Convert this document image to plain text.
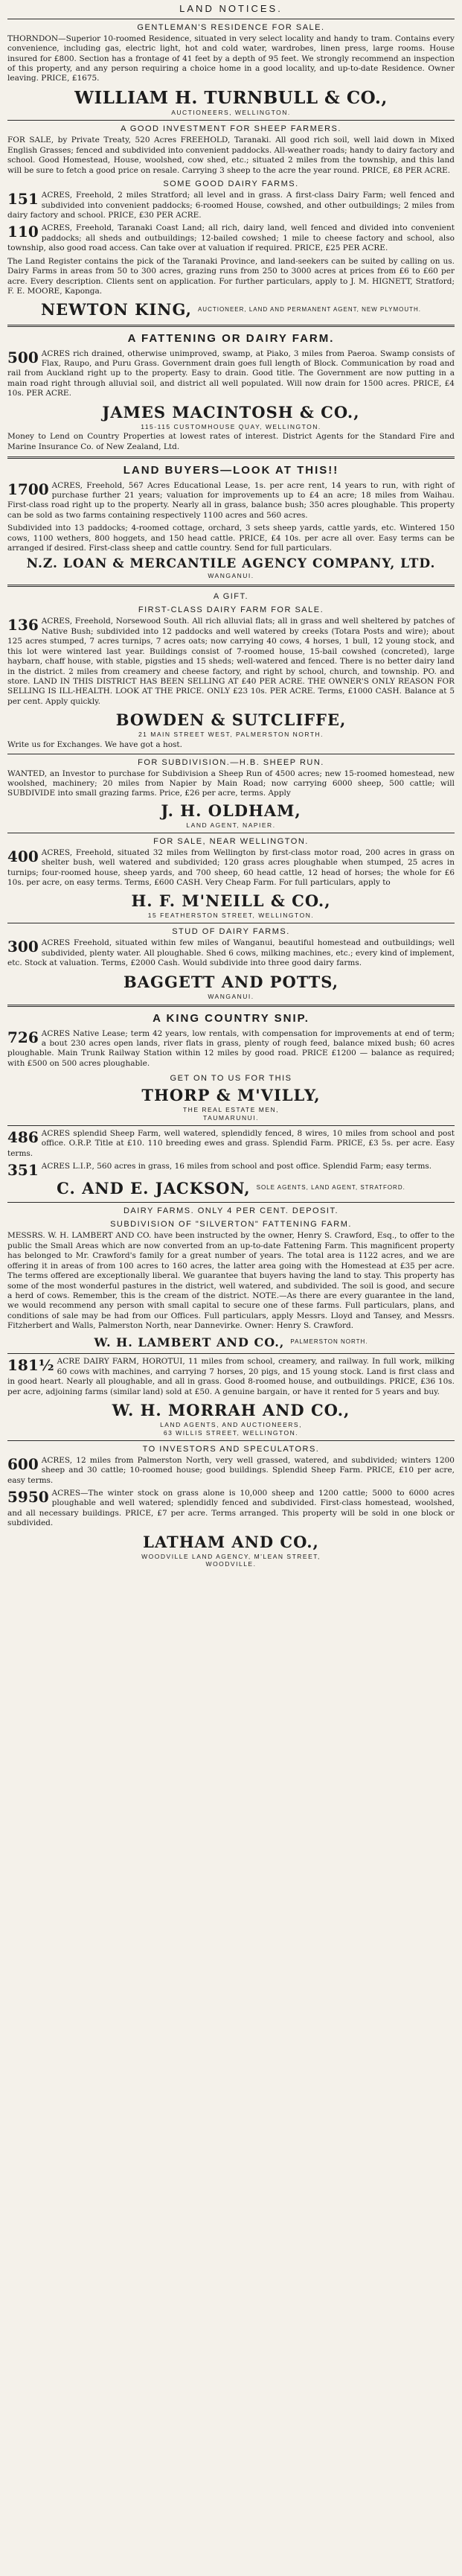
LAND NOTICES.
GENTLEMAN'S RESIDENCE FOR SALE.
THORNDON—Superior 10-roomed Residence, situated in very select locality and handy to tram. Contains every convenience, including gas, electric light, hot and cold water, wardrobes, linen press, large rooms. House insured for £800. Section has a frontage of 41 feet by a depth of 95 feet. We strongly recommend an inspection of this property, and any person requiring a choice home in a good locality, and up-to-date Residence. Owner leaving. PRICE, £1675.
WILLIAM H. TURNBULL & CO.,
AUCTIONEERS, WELLINGTON.
A GOOD INVESTMENT FOR SHEEP FARMERS.
FOR SALE, by Private Treaty, 520 Acres FREEHOLD, Taranaki. All good rich soil, well laid down in Mixed English Grasses; fenced and subdivided into convenient paddocks. All-weather roads; handy to dairy factory and school. Good Homestead, House, woolshed, cow shed, etc.; situated 2 miles from the township, and this land will be sure to fetch a good price on resale. Carrying 3 sheep to the acre the year round. PRICE, £8 PER ACRE.
SOME GOOD DAIRY FARMS.
151 ACRES, Freehold, 2 miles Stratford; all level and in grass. A first-class Dairy Farm; well fenced and subdivided into convenient paddocks; 6-roomed House, cowshed, and other outbuildings; 2 miles from dairy factory and school. PRICE, £30 PER ACRE.
110 ACRES, Freehold, Taranaki Coast Land; all rich, dairy land, well fenced and divided into convenient paddocks; all sheds and outbuildings; 12-bailed cowshed; 1 mile to cheese factory and school, also township, also good road access. Can take over at valuation if required. PRICE, £25 PER ACRE.
The Land Register contains the pick of the Taranaki Province, and land-seekers can be suited by calling on us. Dairy Farms in areas from 50 to 300 acres, grazing runs from 250 to 3000 acres at prices from £6 to £60 per acre. Every description. Clients sent on application. For further particulars, apply to J. M. HIGNETT, Stratford; F. E. MOORE, Kaponga.
NEWTON KING, AUCTIONEER, LAND AND PERMANENT AGENT, NEW PLYMOUTH.
A FATTENING OR DAIRY FARM.
500 ACRES rich drained, otherwise unimproved, swamp, at Piako, 3 miles from Paeroa. Swamp consists of Flax, Raupo, and Puru Grass. Government drain goes full length of Block. Communication by road and rail from Auckland right up to the property. Easy to drain. Good title. The Government are now putting in a main road right through alluvial soil, and district all well populated. Will now drain for 1500 acres. PRICE, £4 10s. PER ACRE.
JAMES MACINTOSH & CO.,
115-115 CUSTOMHOUSE QUAY, WELLINGTON.
Money to Lend on Country Properties at lowest rates of interest. District Agents for the Standard Fire and Marine Insurance Co. of New Zealand, Ltd.
LAND BUYERS—LOOK AT THIS!!
1700 ACRES, Freehold, 567 Acres Educational Lease, 1s. per acre rent, 14 years to run, with right of purchase further 21 years; valuation for improvements up to £4 an acre; 18 miles from Waihau. First-class road right up to the property. Nearly all in grass, balance bush; 350 acres ploughable. This property can be sold as two farms containing respectively 1100 acres and 560 acres.
Subdivided into 13 paddocks; 4-roomed cottage, orchard, 3 sets sheep yards, cattle yards, etc. Wintered 150 cows, 1100 wethers, 800 hoggets, and 150 head cattle. PRICE, £4 10s. per acre all over. Easy terms can be arranged if desired. First-class sheep and cattle country. Send for full particulars.
N.Z. LOAN & MERCANTILE AGENCY COMPANY, LTD.
WANGANUI.
A GIFT.
FIRST-CLASS DAIRY FARM FOR SALE.
136 ACRES, Freehold, Norsewood South. All rich alluvial flats; all in grass and well sheltered by patches of Native Bush; subdivided into 12 paddocks and well watered by creeks (Totara Posts and wire); about 125 acres stumped, 7 acres turnips, 7 acres oats; now carrying 40 cows, 4 horses, 1 bull, 12 young stock, and this lot were wintered last year. Buildings consist of 7-roomed house, 15-bail cowshed (concreted), large haybarn, chaff house, with stable, pigsties and 15 sheds; well-watered and fenced. There is no better dairy land in the district. 2 miles from creamery and cheese factory, and right by school, church, and township. PO. and store. LAND IN THIS DISTRICT HAS BEEN SELLING AT £40 PER ACRE. THE OWNER'S ONLY REASON FOR SELLING IS ILL-HEALTH. LOOK AT THE PRICE. ONLY £23 10s. PER ACRE. Terms, £1000 CASH. Balance at 5 per cent. Apply quickly.
BOWDEN & SUTCLIFFE,
21 MAIN STREET WEST, PALMERSTON NORTH.
Write us for Exchanges. We have got a host.
FOR SUBDIVISION.—H.B. SHEEP RUN.
WANTED, an Investor to purchase for Subdivision a Sheep Run of 4500 acres; new 15-roomed homestead, new woolshed, machinery; 20 miles from Napier by Main Road; now carrying 6000 sheep, 500 cattle; will SUBDIVIDE into small grazing farms. Price, £26 per acre, terms. Apply
J. H. OLDHAM,
LAND AGENT, NAPIER.
FOR SALE, NEAR WELLINGTON.
400 ACRES, Freehold, situated 32 miles from Wellington by first-class motor road, 200 acres in grass on shelter bush, well watered and subdivided; 120 grass acres ploughable when stumped, 25 acres in turnips; four-roomed house, sheep yards, and 700 sheep, 60 head cattle, 12 head of horses; the whole for £6 10s. per acre, on easy terms. Terms, £600 CASH. Very Cheap Farm. For full particulars, apply to
H. F. M'NEILL & CO.,
15 FEATHERSTON STREET, WELLINGTON.
STUD OF DAIRY FARMS.
300 ACRES Freehold, situated within few miles of Wanganui, beautiful homestead and outbuildings; well subdivided, plenty water. All ploughable. Shed 6 cows, milking machines, etc.; every kind of implement, etc. Stock at valuation. Terms, £2000 Cash. Would subdivide into three good dairy farms.
BAGGETT AND POTTS,
WANGANUI.
A KING COUNTRY SNIP.
726 ACRES Native Lease; term 42 years, low rentals, with compensation for improvements at end of term; a bout 230 acres open lands, river flats in grass, plenty of rough feed, balance mixed bush; 60 acres ploughable. Main Trunk Railway Station within 12 miles by good road. PRICE £1200 — balance as required; with £500 on 500 acres ploughable.
GET ON TO US FOR THIS
THORP & M'VILLY,
THE REAL ESTATE MEN,
TAUMARUNUI.
486 ACRES splendid Sheep Farm, well watered, splendidly fenced, 8 wires, 10 miles from school and post office. O.R.P. Title at £10. 110 breeding ewes and grass. Splendid Farm. PRICE, £3 5s. per acre. Easy terms.
351 ACRES L.I.P., 560 acres in grass, 16 miles from school and post office. Splendid Farm; easy terms.
C. AND E. JACKSON, SOLE AGENTS, LAND AGENT, STRATFORD.
DAIRY FARMS. ONLY 4 PER CENT. DEPOSIT.
SUBDIVISION OF "SILVERTON" FATTENING FARM.
MESSRS. W. H. LAMBERT AND CO. have been instructed by the owner, Henry S. Crawford, Esq., to offer to the public the Small Areas which are now converted from an up-to-date Fattening Farm. This magnificent property has belonged to Mr. Crawford's family for a great number of years. The total area is 1122 acres, and we are offering it in areas of from 100 acres to 160 acres, the latter area going with the Homestead at £35 per acre. The terms offered are exceptionally liberal. We guarantee that buyers having the land to stay. This property has some of the most wonderful pastures in the district, well watered, and subdivided. The soil is good, and secure a herd of cows. Remember, this is the cream of the district. NOTE.—As there are every guarantee in the land, we would recommend any person with small capital to secure one of these farms. Full particulars, plans, and conditions of sale may be had from our Offices. Full particulars, apply Messrs. Lloyd and Tansey, and Messrs. Fitzherbert and Walls, Palmerston North, near Dannevirke. Owner: Henry S. Crawford.
W. H. LAMBERT AND CO., PALMERSTON NORTH.
181½ ACRE DAIRY FARM, HOROTUI, 11 miles from school, creamery, and railway. In full work, milking 60 cows with machines, and carrying 7 horses, 20 pigs, and 15 young stock. Land is first class and in good heart. Nearly all ploughable, and all in grass. Good 8-roomed house, and outbuildings. PRICE, £36 10s. per acre, adjoining farms (similar land) sold at £50. A genuine bargain, or have it rented for 5 years and buy.
W. H. MORRAH AND CO.,
LAND AGENTS, AND AUCTIONEERS,
63 WILLIS STREET, WELLINGTON.
TO INVESTORS AND SPECULATORS.
600 ACRES, 12 miles from Palmerston North, very well grassed, watered, and subdivided; winters 1200 sheep and 30 cattle; 10-roomed house; good buildings. Splendid Sheep Farm. PRICE, £10 per acre, easy terms.
5950 ACRES—The winter stock on grass alone is 10,000 sheep and 1200 cattle; 5000 to 6000 acres ploughable and well watered; splendidly fenced and subdivided. First-class homestead, woolshed, and all necessary buildings. PRICE, £7 per acre. Terms arranged. This property will be sold in one block or subdivided.
LATHAM AND CO.,
WOODVILLE LAND AGENCY, M'LEAN STREET,
WOODVILLE.
